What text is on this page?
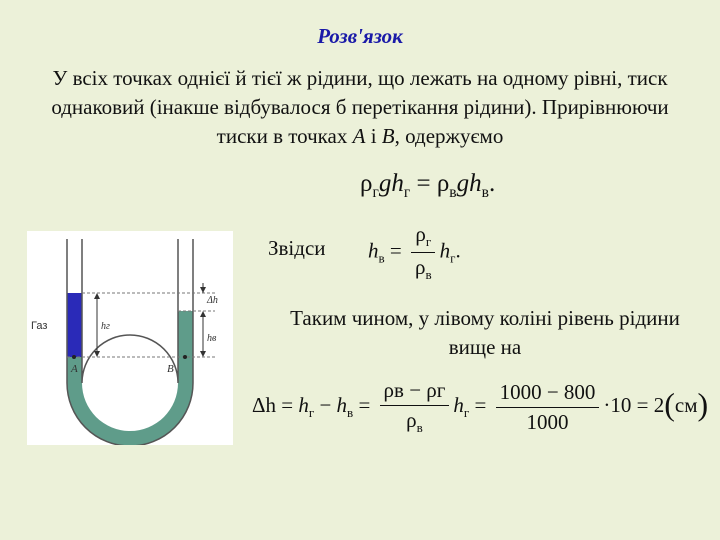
Розв'язок
У всіх точках однієї й тієї ж рідини, що лежать на одному рівні, тиск однаковий (інакше відбувалося б перетікання рідини). Прирівнюючи тиски в точках A і B, одержуємо
$\rho_гgh_г = \rho_вgh_в$.
Звідси $h_в = \frac{\rho_г}{\rho_в} h_г$.
Таким чином, у лівому коліні рівень рідини вище на
$\Delta h = h_г - h_в = \frac{\rho в - \rho г}{\rho_в} h_г = \frac{1000 - 800}{1000} \cdot 10 = 2(см)$
Газ
A	B
hг
hв
Δh
